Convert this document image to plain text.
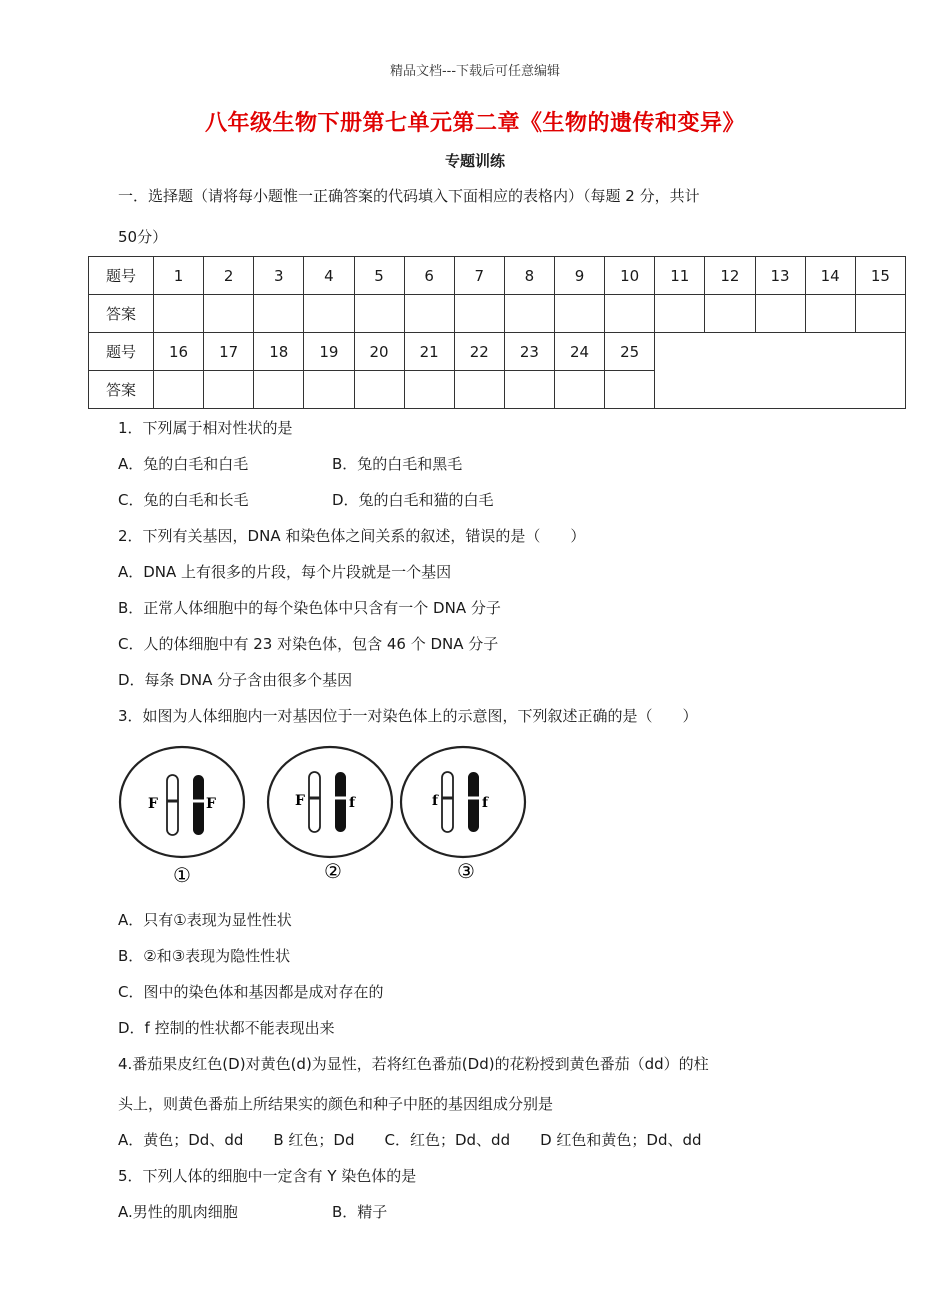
精品文档---下载后可任意编辑
八年级生物下册第七单元第二章《生物的遗传和变异》
专题训练
一．选择题（请将每小题惟一正确答案的代码填入下面相应的表格内）（每题 2 分，共计
50分）
题号	1	2	3	4	5	6	7	8	9	10	11	12	13	14	15
答案															
题号	16	17	18	19	20	21	22	23	24	25					
答案															
1．下列属于相对性状的是
A．兔的白毛和白毛	B．兔的白毛和黑毛
C．兔的白毛和长毛	D．兔的白毛和猫的白毛
2．下列有关基因，DNA 和染色体之间关系的叙述，错误的是（　　）
A．DNA 上有很多的片段，每个片段就是一个基因
B．正常人体细胞中的每个染色体中只含有一个 DNA 分子
C．人的体细胞中有 23 对染色体，包含 46 个 DNA 分子
D．每条 DNA 分子含由很多个基因
3．如图为人体细胞内一对基因位于一对染色体上的示意图，下列叙述正确的是（　　）
F	F
①
F	f
②
f	f
③
A．只有①表现为显性性状
B．②和③表现为隐性性状
C．图中的染色体和基因都是成对存在的
D．f 控制的性状都不能表现出来
4.番茄果皮红色(D)对黄色(d)为显性，若将红色番茄(Dd)的花粉授到黄色番茄（dd）的柱
头上，则黄色番茄上所结果实的颜色和种子中胚的基因组成分别是
A．黄色；Dd、dd　　B 红色；Dd　　C．红色；Dd、dd　　D 红色和黄色；Dd、dd
5．下列人体的细胞中一定含有 Y 染色体的是
A.男性的肌肉细胞	B．精子
